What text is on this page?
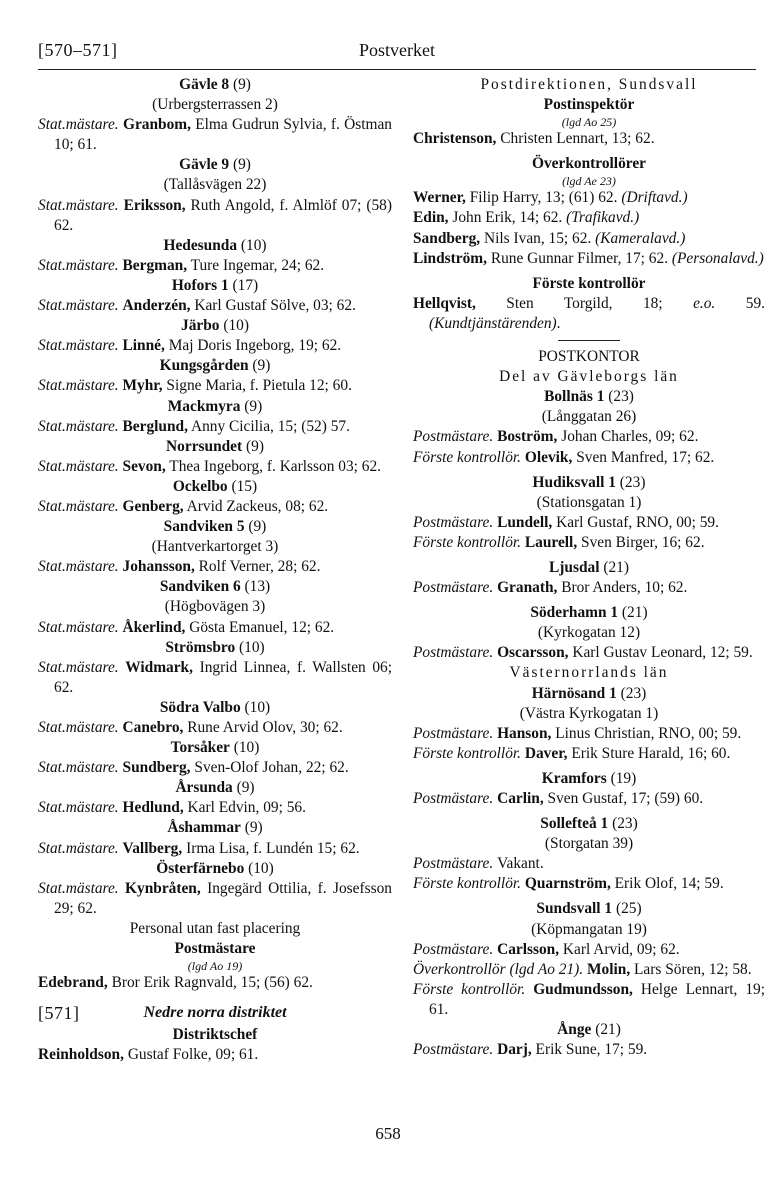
[570–571]	Postverket
Gävle 8 (9)
(Urbergsterrassen 2)
Stat.mästare. Granbom, Elma Gudrun Sylvia, f. Östman 10; 61.
Gävle 9 (9)
(Tallåsvägen 22)
Stat.mästare. Eriksson, Ruth Angold, f. Almlöf 07; (58) 62.
Hedesunda (10)
Stat.mästare. Bergman, Ture Ingemar, 24; 62.
Hofors 1 (17)
Stat.mästare. Anderzén, Karl Gustaf Sölve, 03; 62.
Järbo (10)
Stat.mästare. Linné, Maj Doris Ingeborg, 19; 62.
Kungsgården (9)
Stat.mästare. Myhr, Signe Maria, f. Pietula 12; 60.
Mackmyra (9)
Stat.mästare. Berglund, Anny Cicilia, 15; (52) 57.
Norrsundet (9)
Stat.mästare. Sevon, Thea Ingeborg, f. Karlsson 03; 62.
Ockelbo (15)
Stat.mästare. Genberg, Arvid Zackeus, 08; 62.
Sandviken 5 (9)
(Hantverkartorget 3)
Stat.mästare. Johansson, Rolf Verner, 28; 62.
Sandviken 6 (13)
(Högbovägen 3)
Stat.mästare. Åkerlind, Gösta Emanuel, 12; 62.
Strömsbro (10)
Stat.mästare. Widmark, Ingrid Linnea, f. Wallsten 06; 62.
Södra Valbo (10)
Stat.mästare. Canebro, Rune Arvid Olov, 30; 62.
Torsåker (10)
Stat.mästare. Sundberg, Sven-Olof Johan, 22; 62.
Årsunda (9)
Stat.mästare. Hedlund, Karl Edvin, 09; 56.
Åshammar (9)
Stat.mästare. Vallberg, Irma Lisa, f. Lundén 15; 62.
Österfärnebo (10)
Stat.mästare. Kynbråten, Ingegärd Ottilia, f. Josefsson 29; 62.
Personal utan fast placering
Postmästare
(lgd Ao 19)
Edebrand, Bror Erik Ragnvald, 15; (56) 62.
[571]	Nedre norra distriktet
Distriktschef
Reinholdson, Gustaf Folke, 09; 61.
Postdirektionen, Sundsvall
Postinspektör
(lgd Ao 25)
Christenson, Christen Lennart, 13; 62.
Överkontrollörer
(lgd Ae 23)
Werner, Filip Harry, 13; (61) 62. (Driftavd.)
Edin, John Erik, 14; 62. (Trafikavd.)
Sandberg, Nils Ivan, 15; 62. (Kameralavd.)
Lindström, Rune Gunnar Filmer, 17; 62. (Personalavd.)
Förste kontrollör
Hellqvist, Sten Torgild, 18; e.o. 59. (Kundtjänstärenden).
POSTKONTOR
Del av Gävleborgs län
Bollnäs 1 (23)
(Långgatan 26)
Postmästare. Boström, Johan Charles, 09; 62.
Förste kontrollör. Olevik, Sven Manfred, 17; 62.
Hudiksvall 1 (23)
(Stationsgatan 1)
Postmästare. Lundell, Karl Gustaf, RNO, 00; 59.
Förste kontrollör. Laurell, Sven Birger, 16; 62.
Ljusdal (21)
Postmästare. Granath, Bror Anders, 10; 62.
Söderhamn 1 (21)
(Kyrkogatan 12)
Postmästare. Oscarsson, Karl Gustav Leonard, 12; 59.
Västernorrlands län
Härnösand 1 (23)
(Västra Kyrkogatan 1)
Postmästare. Hanson, Linus Christian, RNO, 00; 59.
Förste kontrollör. Daver, Erik Sture Harald, 16; 60.
Kramfors (19)
Postmästare. Carlin, Sven Gustaf, 17; (59) 60.
Sollefteå 1 (23)
(Storgatan 39)
Postmästare. Vakant.
Förste kontrollör. Quarnström, Erik Olof, 14; 59.
Sundsvall 1 (25)
(Köpmangatan 19)
Postmästare. Carlsson, Karl Arvid, 09; 62.
Överkontrollör (lgd Ao 21). Molin, Lars Sören, 12; 58.
Förste kontrollör. Gudmundsson, Helge Lennart, 19; 61.
Ånge (21)
Postmästare. Darj, Erik Sune, 17; 59.
658
